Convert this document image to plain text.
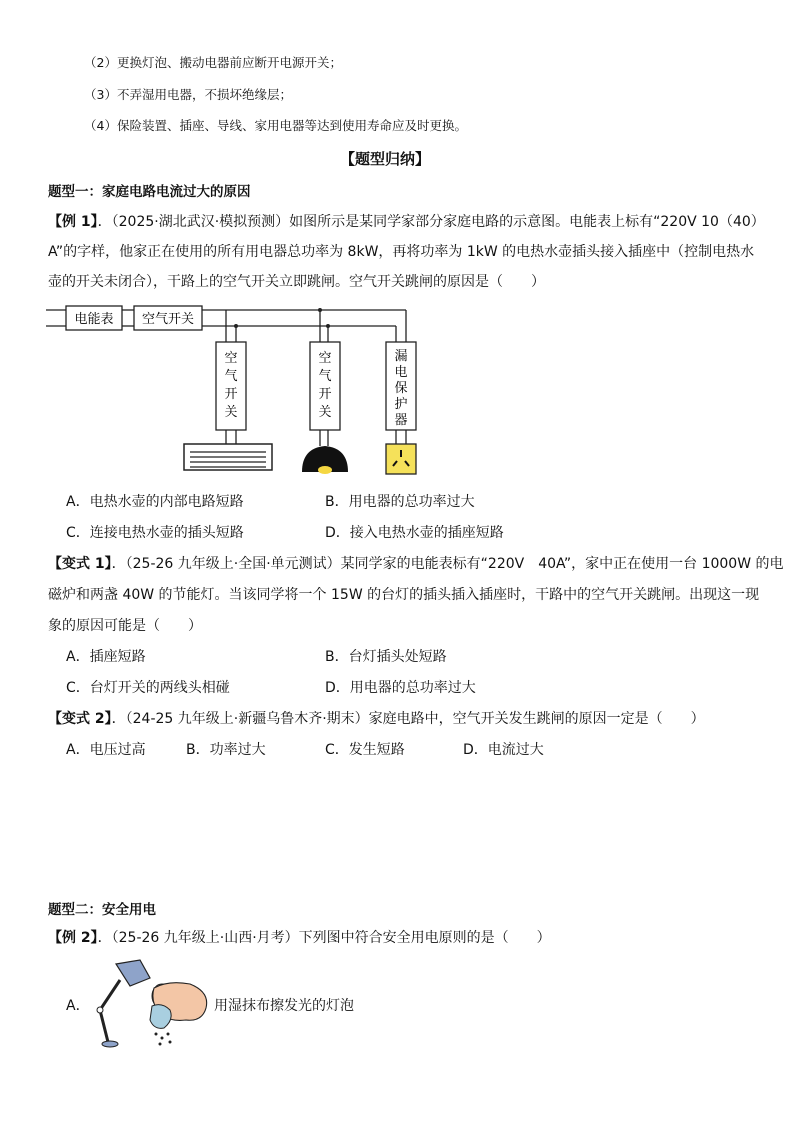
（2）更换灯泡、搬动电器前应断开电源开关；
（3）不弄湿用电器，不损坏绝缘层；
（4）保险装置、插座、导线、家用电器等达到使用寿命应及时更换。
【题型归纳】
题型一：家庭电路电流过大的原因
【例 1】．（2025·湖北武汉·模拟预测）如图所示是某同学家部分家庭电路的示意图。电能表上标有“220V 10（40）
A”的字样，他家正在使用的所有用电器总功率为 8kW，再将功率为 1kW 的电热水壶插头接入插座中（控制电热水
壶的开关未闭合），干路上的空气开关立即跳闸。空气开关跳闸的原因是（　　）
电能表 空气开关
空
气
开
关
空
气
开
关
漏
电
保
护
器
A．电热水壶的内部电路短路	B．用电器的总功率过大
C．连接电热水壶的插头短路	D．接入电热水壶的插座短路
【变式 1】．（25-26 九年级上·全国·单元测试）某同学家的电能表标有“220V　40A”，家中正在使用一台 1000W 的电
磁炉和两盏 40W 的节能灯。当该同学将一个 15W 的台灯的插头插入插座时，干路中的空气开关跳闸。出现这一现
象的原因可能是（　　）
A．插座短路	B．台灯插头处短路
C．台灯开关的两线头相碰	D．用电器的总功率过大
【变式 2】．（24-25 九年级上·新疆乌鲁木齐·期末）家庭电路中，空气开关发生跳闸的原因一定是（　　）
A．电压过高	B．功率过大	C．发生短路	D．电流过大
题型二：安全用电
【例 2】．（25-26 九年级上·山西·月考）下列图中符合安全用电原则的是（　　）
A．	用湿抹布擦发光的灯泡
